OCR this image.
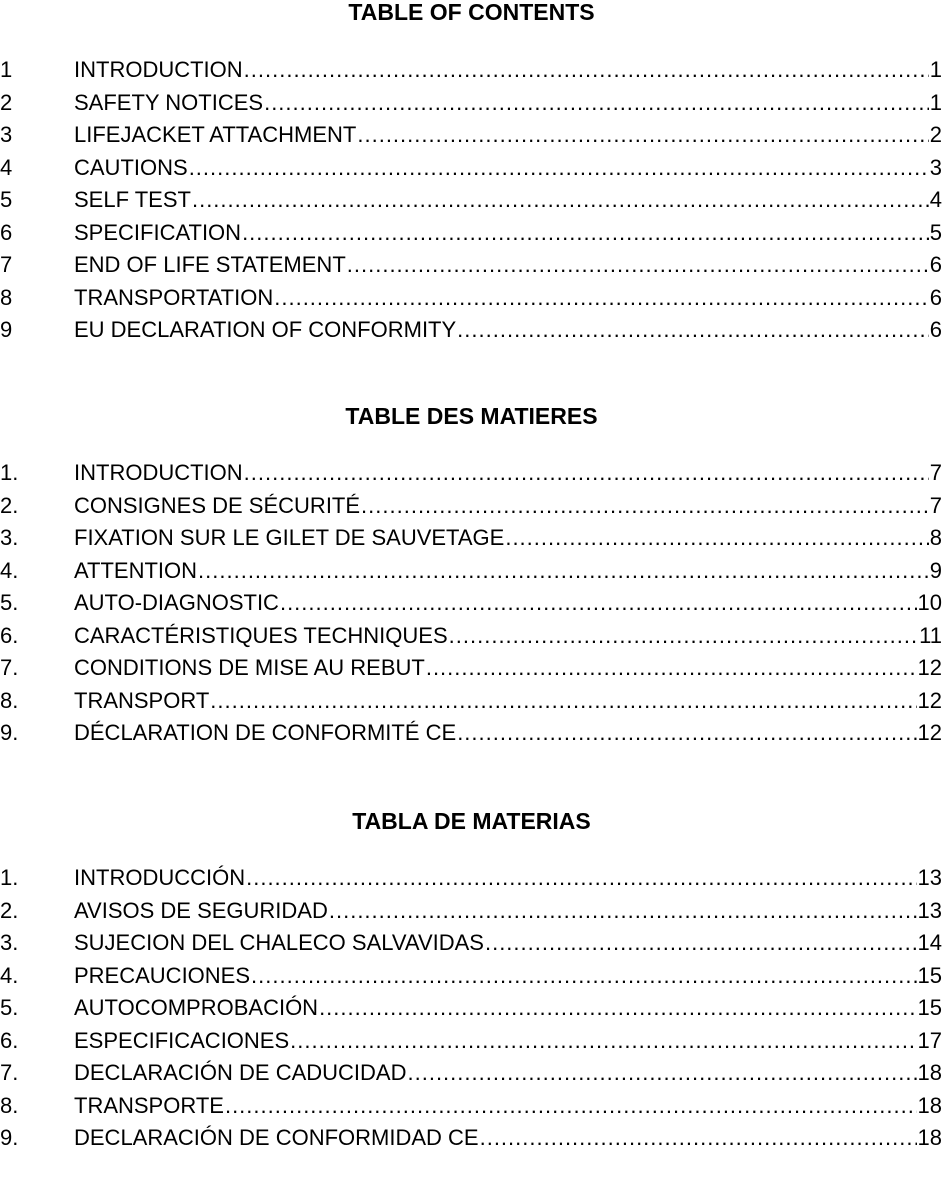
TABLE OF CONTENTS
1	INTRODUCTION .....	1
2	SAFETY NOTICES .....	1
3	LIFEJACKET ATTACHMENT .....	2
4	CAUTIONS .....	3
5	SELF TEST .....	4
6	SPECIFICATION .....	5
7	END OF LIFE STATEMENT .....	6
8	TRANSPORTATION .....	6
9	EU DECLARATION OF CONFORMITY .....	6
TABLE DES MATIERES
1.	INTRODUCTION .....	7
2.	CONSIGNES DE SÉCURITÉ .....	7
3.	FIXATION SUR LE GILET DE SAUVETAGE .....	8
4.	ATTENTION .....	9
5.	AUTO-DIAGNOSTIC .....	10
6.	CARACTÉRISTIQUES TECHNIQUES .....	11
7.	CONDITIONS DE MISE AU REBUT .....	12
8.	TRANSPORT .....	12
9.	DÉCLARATION DE CONFORMITÉ CE .....	12
TABLA DE MATERIAS
1.	INTRODUCCIÓN .....	13
2.	AVISOS DE SEGURIDAD .....	13
3.	SUJECION DEL CHALECO SALVAVIDAS .....	14
4.	PRECAUCIONES .....	15
5.	AUTOCOMPROBACIÓN .....	15
6.	ESPECIFICACIONES .....	17
7.	DECLARACIÓN DE CADUCIDAD .....	18
8.	TRANSPORTE .....	18
9.	DECLARACIÓN DE CONFORMIDAD CE .....	18
